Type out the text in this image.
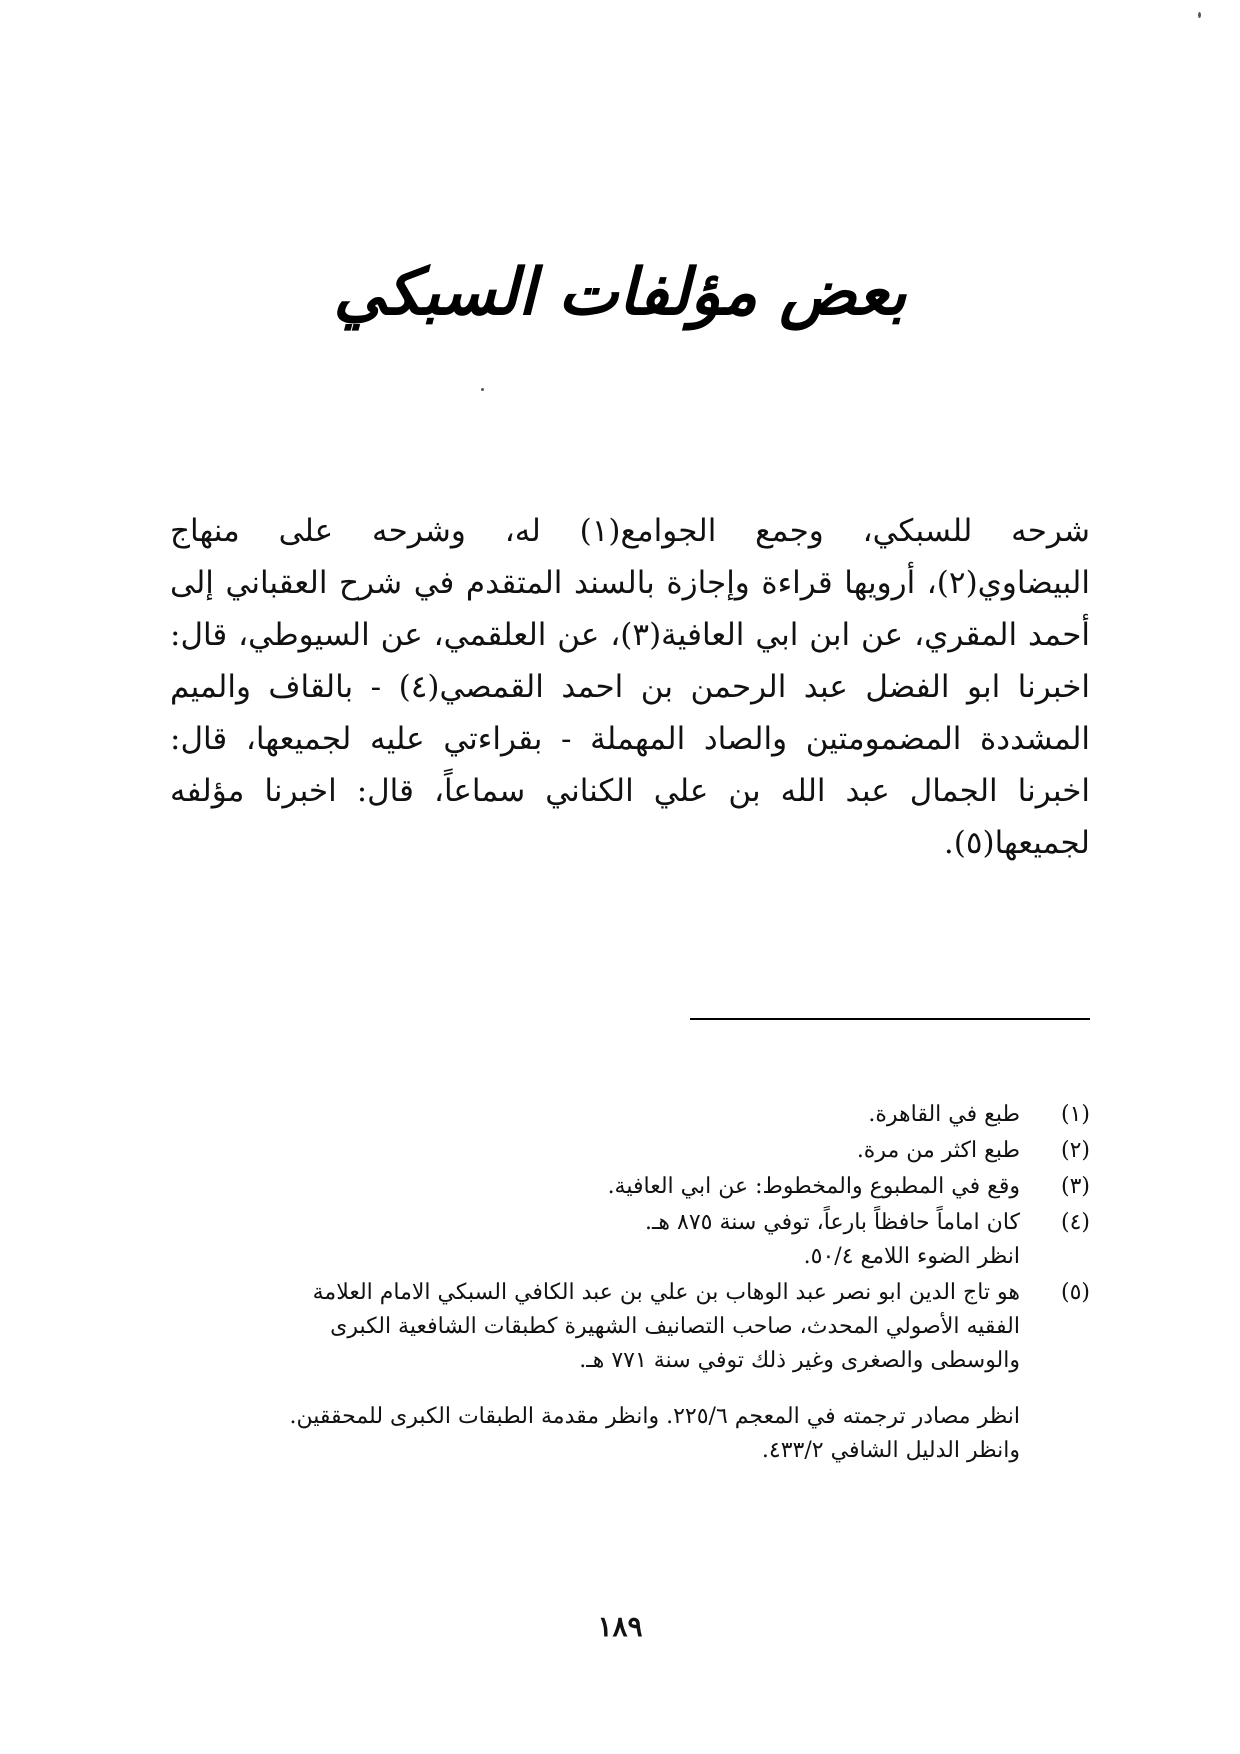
بعض مؤلفات السبكي
شرحه للسبكي، وجمع الجوامع(١) له، وشرحه على منهاج
البيضاوي(٢)، أرويها قراءة وإجازة بالسند المتقدم في شرح العقباني إلى
أحمد المقري، عن ابن ابي العافية(٣)، عن العلقمي، عن السيوطي، قال:
اخبرنا ابو الفضل عبد الرحمن بن احمد القمصي(٤) - بالقاف والميم
المشددة المضمومتين والصاد المهملة - بقراءتي عليه لجميعها، قال:
اخبرنا الجمال عبد الله بن علي الكناني سماعاً، قال: اخبرنا مؤلفه
لجميعها(٥).
(١)
طبع في القاهرة.
(٢)
طبع اكثر من مرة.
(٣)
وقع في المطبوع والمخطوط: عن ابي العافية.
(٤)
كان اماماً حافظاً بارعاً، توفي سنة ٨٧٥ هـ.
انظر الضوء اللامع ٥٠/٤.
(٥)
هو تاج الدين ابو نصر عبد الوهاب بن علي بن عبد الكافي السبكي الامام العلامة
الفقيه الأصولي المحدث، صاحب التصانيف الشهيرة كطبقات الشافعية الكبرى
والوسطى والصغرى وغير ذلك توفي سنة ٧٧١ هـ.
انظر مصادر ترجمته في المعجم ٢٢٥/٦. وانظر مقدمة الطبقات الكبرى للمحققين.
وانظر الدليل الشافي ٤٣٣/٢.
١٨٩
